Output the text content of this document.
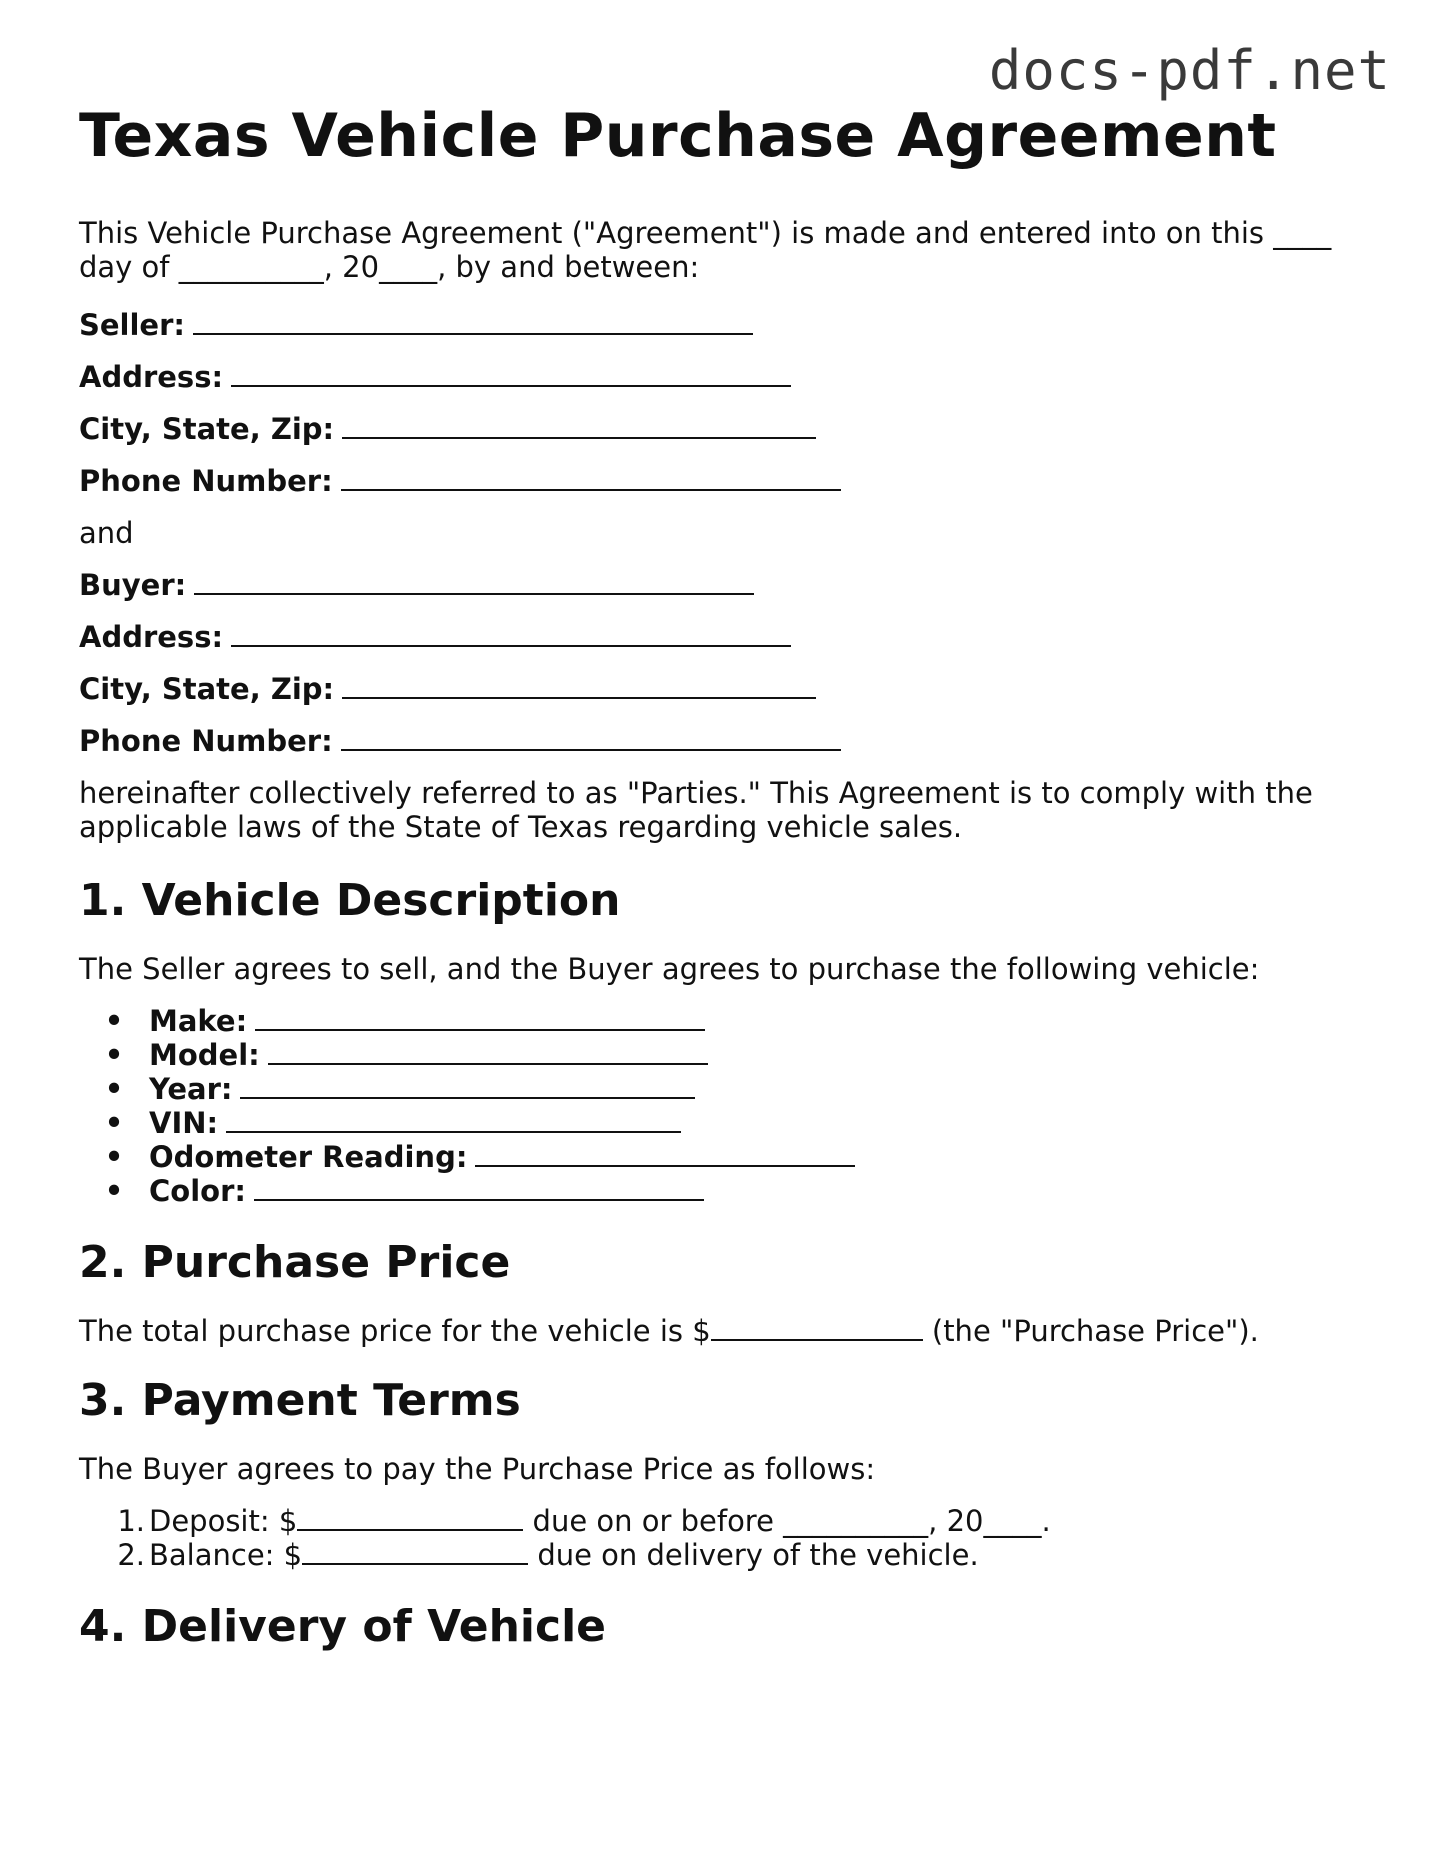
docs-pdf.net
Texas Vehicle Purchase Agreement

This Vehicle Purchase Agreement ("Agreement") is made and entered into on this ____ day of __________, 20____, by and between:

Seller:
Address:
City, State, Zip:
Phone Number:

and

Buyer:
Address:
City, State, Zip:
Phone Number:

hereinafter collectively referred to as "Parties." This Agreement is to comply with the applicable laws of the State of Texas regarding vehicle sales.

1. Vehicle Description

The Seller agrees to sell, and the Buyer agrees to purchase the following vehicle:

• Make:
• Model:
• Year:
• VIN:
• Odometer Reading:
• Color:
2. Purchase Price

The total purchase price for the vehicle is $	(the "Purchase Price").

3. Payment Terms

The Buyer agrees to pay the Purchase Price as follows:

1. Deposit: $	due on or before __________, 20____.
2. Balance: $	due on delivery of the vehicle.
4. Delivery of Vehicle
